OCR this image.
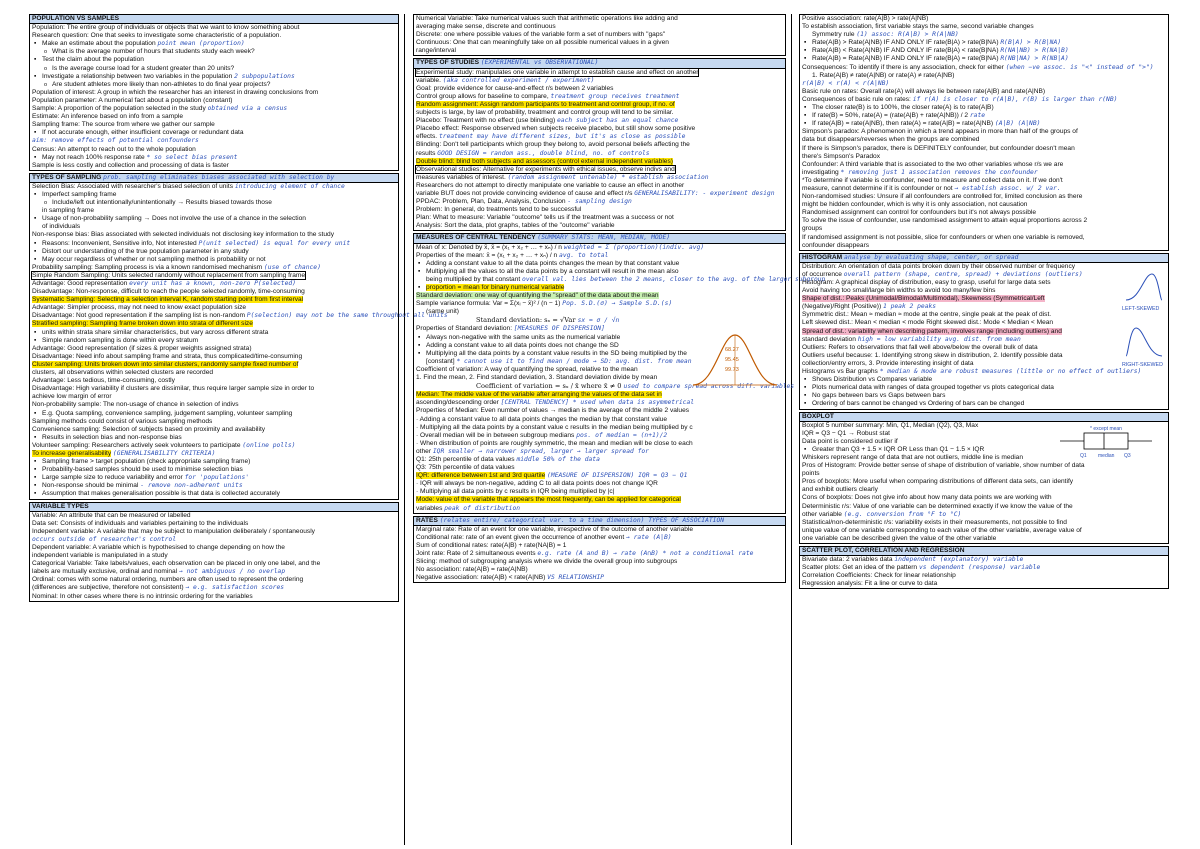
POPULATION VS SAMPLES
Population: The entire group of individuals or objects that we want to know something about
Research question: One that seeks to investigate some characteristic of a population.
▪ Make an estimate about the population point mean (proportion)
o What is the average number of hours that students study each week?
▪ Test the claim about the population
o Is the average course load for a student greater than 20 units?
▪ Investigate a relationship between two variables in the population 2 subpopulations
o Are student athletes more likely than non-athletes to do final year projects?
Population of interest: A group in which the researcher has an interest in drawing conclusions from
Population parameter: A numerical fact about a population (constant)
Sample: A proportion of the population selected in the study obtained via a census
Estimate: An inference based on info from a sample
Sampling frame: The source from where we gather our sample
▪ If not accurate enough, either insufficient coverage or redundant data
aim: remove effects of potential confounders
Census: An attempt to reach out to the whole population
▪ May not reach 100% response rate * so select bias present
Sample is less costly and collection and processing of data is faster
TYPES OF SAMPLING prob. sampling eliminates biases associated with selection by
Selection Bias: Associated with researcher's biased selection of units introducing element of chance
▪ Imperfect sampling frame
o Include/left out intentionally/unintentionally → Results biased towards those
in sampling frame
▪ Usage of non-probability sampling → Does not involve the use of a chance in the selection
of individuals
Non-response bias: Bias associated with selected individuals not disclosing key information to the study
▪ Reasons: Inconvenient, Sensitive info, Not interested P(unit selected) is equal for every unit
▪ Distort our understanding of the true population parameter in any study
▪ May occur regardless of whether or not sampling method is probability or not
Probability sampling: Sampling process is via a known randomised mechanism (use of chance)
Simple Random Sampling: Units selected randomly without replacement from sampling frame
Advantage: Good representation every unit has a known, non-zero P(selected)
Disadvantage: Non-response, difficult to reach the people selected randomly, time-consuming
Systematic Sampling: Selecting a selection interval K, random starting point from first interval
Advantage: Simpler process, may not need to know exact population size
Disadvantage: Not good representation if the sampling list is non-random P(selection) may not be the same throughout all units
Stratified sampling: Sampling frame broken down into strata of different size
▪ units within strata share similar characteristics, but vary across different strata
▪ Simple random sampling is done within every stratum
Advantage: Good representation (if sizes & proper weights assigned strata)
Disadvantage: Need info about sampling frame and strata, thus complicated/time-consuming
Cluster sampling: Units broken down into similar clusters, randomly sample fixed number of
clusters, all observations within selected clusters are recorded
Advantage: Less tedious, time-consuming, costly
Disadvantage: High variability if clusters are dissimilar, thus require larger sample size in order to
achieve low margin of error
Non-probability sample: The non-usage of chance in selection of indivs
▪ E.g. Quota sampling, convenience sampling, judgement sampling, volunteer sampling
Sampling methods could consist of various sampling methods
Convenience sampling: Selection of subjects based on proximity and availability
▪ Results in selection bias and non-response bias
Volunteer sampling: Researchers actively seek volunteers to participate (online polls)
To increase generalisability (GENERALISABILITY CRITERIA)
▪ Sampling frame > target population (check appropriate sampling frame)
▪ Probability-based samples should be used to minimise selection bias
▪ Large sample size to reduce variability and error for 'populations'
▪ Non-response should be minimal - remove non-adherent units
▪ Assumption that makes generalisation possible is that data is collected accurately
VARIABLE TYPES
Variable: An attribute that can be measured or labelled
Data set: Consists of individuals and variables pertaining to the individuals
Independent variable: A variable that may be subject to manipulation deliberately / spontaneously
occurs outside of researcher's control
Dependent variable: A variable which is hypothesised to change depending on how the
independent variable is manipulated in a study
Categorical Variable: Take labels/values, each observation can be placed in only one label, and the
labels are mutually exclusive, ordinal and nominal → not ambiguous / no overlap
Ordinal: comes with some natural ordering, numbers are often used to represent the ordering
(differences are subjective, therefore not consistent) → e.g. satisfaction scores
Nominal: In other cases where there is no intrinsic ordering for the variables
Numerical Variable: Take numerical values such that arithmetic operations like adding and
averaging make sense, discrete and continuous
Discrete: one where possible values of the variable form a set of numbers with "gaps"
Continuous: One that can meaningfully take on all possible numerical values in a given
range/interval
TYPES OF STUDIES (EXPERIMENTAL vs OBSERVATIONAL)
Experimental study: manipulates one variable in attempt to establish cause and effect on another
variable. (aka controlled experiment / experiment)
Goal: provide evidence for cause-and-effect r/s between 2 variables
Control group allows for baseline to compare, treatment group receives treatment
Random assignment: Assign random participants to treatment and control group, if no. of
subjects is large, by law of probability, treatment and control group will tend to be similar.
Placebo: Treatment with no effect (use blinding) each subject has an equal chance
Placebo effect: Response observed when subjects receive placebo, but still show some positive
effects. treatment may have different sizes, but it's as close as possible
Blinding: Don't tell participants which group they belong to, avoid personal beliefs affecting the
results GOOD DESIGN = random ass., double blind, no. of controls
Double blind: blind both subjects and assessors (control external independent variables)
Observational studies: Alternative for experiments with ethical issues, observe indivs and
measures variables of interest. (random assignment untenable) * establish association
Researchers do not attempt to directly manipulate one variable to cause an effect in another
variable BUT does not provide convincing evidence of cause and effect r/s GENERALISABILITY: - experiment design
PPDAC: Problem, Plan, Data, Analysis, Conclusion - sampling design
Problem: In general, do treatments tend to be successful
Plan: What to measure: Variable "outcome" tells us if the treatment was a success or not
Analysis: Sort the data, plot graphs, tables of the "outcome" variable
MEASURES OF CENTRAL TENDENCY (SUMMARY STATS: MEAN, MEDIAN, MODE)
Mean of x: Denoted by x̄, x̄ = (x₁ + x₂ + … + xₙ) / n weighted = Σ (proportion)(indiv. avg)
Properties of the mean: x̄ = (x₁ + x₂ + … + xₙ) / n avg. to total
▪ Adding a constant value to all the data points changes the mean by that constant value
▪ Multiplying all the values to all the data points by a constant will result in the mean also
being multiplied by that constant overall val. lies between the 2 means, closer to the avg. of the larger subgroup
▪ proportion = mean for binary numerical variable
Standard deviation: one way of quantifying the "spread" of the data about the mean
Sample variance formula: Var = Σ(xᵢ − x̄)² / (n − 1) Pop. S.D.(σ) → Sample S.D.(s)
(same unit)
Standard deviation: sₓ = √Var sx = σ / √n
Properties of Standard deviation: [MEASURES OF DISPERSION]
▪ Always non-negative with the same units as the numerical variable
▪ Adding a constant value to all data points does not change the SD
▪ Multiplying all the data points by a constant value results in the SD being multiplied by the
[constant] * cannot use it to find mean / mode → SD: avg. dist. from mean
Coefficient of variation: A way of quantifying the spread, relative to the mean
1. Find the mean, 2. Find standard deviation, 3. Standard deviation divide by mean
Coefficient of variation = sₓ / x̄ where x̄ ≠ 0 used to compare spread across diff. variables
Median: The middle value of the variable after arranging the values of the data set in
ascending/descending order [CENTRAL TENDENCY] * used when data is asymmetrical
Properties of Median: Even number of values → median is the average of the middle 2 values
· Adding a constant value to all data points changes the median by that constant value
· Multiplying all the data points by a constant value c results in the median being multiplied by c
· Overall median will be in between subgroup medians pos. of median = (n+1)/2
· When distribution of points are roughly symmetric, the mean and median will be close to each
other IQR smaller → narrower spread, larger → larger spread for
Q1: 25th percentile of data values middle 50% of the data
Q3: 75th percentile of data values
IQR: difference between 1st and 3rd quartile (MEASURE OF DISPERSION) IQR = Q3 − Q1
· IQR will always be non-negative, adding C to all data points does not change IQR
· Multiplying all data points by c results in IQR being multiplied by |c|
Mode: value of the variable that appears the most frequently, can be applied for categorical
variables peak of distribution
68.27
95.45
99.73
RATES (relates entire/ categorical var. to a time dimension) TYPES OF ASSOCIATION
Marginal rate: Rate of an event for one variable, irrespective of the outcome of another variable
Conditional rate: rate of an event given the occurrence of another event → rate (A|B)
Sum of conditional rates: rate(A|B) + rate(NA|B) = 1
Joint rate: Rate of 2 simultaneous events e.g. rate (A and B) → rate (A∩B) * not a conditional rate
Slicing: method of subgrouping analysis where we divide the overall group into subgroups
No association: rate(A|B) = rate(A|NB)
Negative association: rate(A|B) < rate(A|NB) VS RELATIONSHIP
Positive association: rate(A|B) > rate(A|NB)
To establish association, first variable stays the same, second variable changes
Symmetry rule (1) assoc: R(A|B) > R(A|NB)
▪ Rate(A|B) > Rate(A|NB) IF AND ONLY IF rate(B|A) > rate(B|NA) R(B|A) > R(B|NA)
▪ Rate(A|B) < Rate(A|NB) IF AND ONLY IF rate(B|A) < rate(B|NA) R(NA|NB) > R(NA|B)
▪ Rate(A|B) = Rate(A|NB) IF AND ONLY IF rate(B|A) = rate(B|NA) R(NB|NA) > R(NB|A)
Consequences: To identify if there is any association, check for either (when −ve assoc. is "<" instead of ">")
1. Rate(A|B) ≠ rate(A|NB) or rate(A) ≠ rate(A|NB)
r(A|B) < r(A) < r(A|NB)
Basic rule on rates: Overall rate(A) will always lie between rate(A|B) and rate(A|NB)
Consequences of basic rule on rates: if r(A) is closer to r(A|B), r(B) is larger than r(NB)
▪ The closer rate(B) is to 100%, the closer rate(A) is to rate(A|B)
▪ If rate(B) = 50%, rate(A) = (rate(A|B) + rate(A|NB)) / 2 rate
▪ If rate(A|B) = rate(A|NB), then rate(A) = rate(A|B) = rate(A|NB) (A|B) (A|NB)
Simpson's paradox: A phenomenon in which a trend appears in more than half of the groups of
data but disappears/reverses when the groups are combined
If there is Simpson's paradox, there is DEFINITELY confounder, but confounder doesn't mean
there's Simpson's Paradox
Confounder: A third variable that is associated to the two other variables whose r/s we are
investigating * removing just 1 association removes the confounder
*To determine if variable is confounder, need to measure and collect data on it. If we don't
measure, cannot determine if it is confounder or not → establish assoc. w/ 2 var.
Non-randomised studies: Unsure if all confounders are controlled for, limited conclusion as there
might be hidden confounder, which is why it is only association, not causation
Randomised assignment can control for confounders but it's not always possible
To solve the issue of confounder, use randomised assignment to attain equal proportions across 2
groups
If randomised assignment is not possible, slice for confounders or when one variable is removed,
confounder disappears
HISTOGRAM analyse by evaluating shape, center, or spread
Distribution: An orientation of data points broken down by their observed number or frequency
of occurrence overall pattern (shape, centre, spread) + deviations (outliers)
Histogram: A graphical display of distribution, easy to grasp, useful for large data sets
Avoid having too small/large bin widths to avoid too many/few bins
Shape of dist.: Peaks (Unimodal/Bimodal/Multimodal), Skewness (Symmetrical/Left
(Negative)/Right (Positive)) 1 peak 2 peaks
Symmetric dist.: Mean ≈ median ≈ mode at the centre, single peak at the peak of dist.
Left skewed dist.: Mean < median < mode Right skewed dist.: Mode < Median < Mean
Spread of dist.: variability when describing pattern, involves range (including outliers) and
standard deviation high = low variability avg. dist. from mean
Outliers: Refers to observations that fall well above/below the overall bulk of data
Outliers useful because: 1. Identifying strong skew in distribution, 2. Identify possible data
collection/entry errors, 3. Provide interesting insight of data
Histograms vs Bar graphs * median & mode are robust measures (little or no effect of outliers)
▪ Shows Distribution vs Compares variable
▪ Plots numerical data with ranges of data grouped together vs plots categorical data
▪ No gaps between bars vs Gaps between bars
▪ Ordering of bars cannot be changed vs Ordering of bars can be changed
LEFT-SKEWED
RIGHT-SKEWED
BOXPLOT
Boxplot 5 number summary: Min, Q1, Median (Q2), Q3, Max
IQR = Q3 − Q1 → Robust stat
Data point is considered outlier if
▪ Greater than Q3 + 1.5 × IQR OR Less than Q1 − 1.5 × IQR
Whiskers represent range of data that are not outliers, middle line is median
Pros of Histogram: Provide better sense of shape of distribution of variable, show number of data
points
Pros of boxplots: More useful when comparing distributions of different data sets, can identify
and exhibit outliers clearly
Cons of boxplots: Does not give info about how many data points we are working with
Deterministic r/s: Value of one variable can be determined exactly if we know the value of the
other variable (e.g. conversion from °F to °C)
Statistical/non-deterministic r/s: variability exists in their measurements, not possible to find
unique value of one variable corresponding to each value of the other variable, average value of
one variable can be described given the value of the other variable
Q1 median Q3
* except mean
SCATTER PLOT, CORRELATION AND REGRESSION
Bivariate data: 2 variables data independent (explanatory) variable
Scatter plots: Get an idea of the pattern vs dependent (response) variable
Correlation Coefficients: Check for linear relationship
Regression analysis: Fit a line or curve to data
